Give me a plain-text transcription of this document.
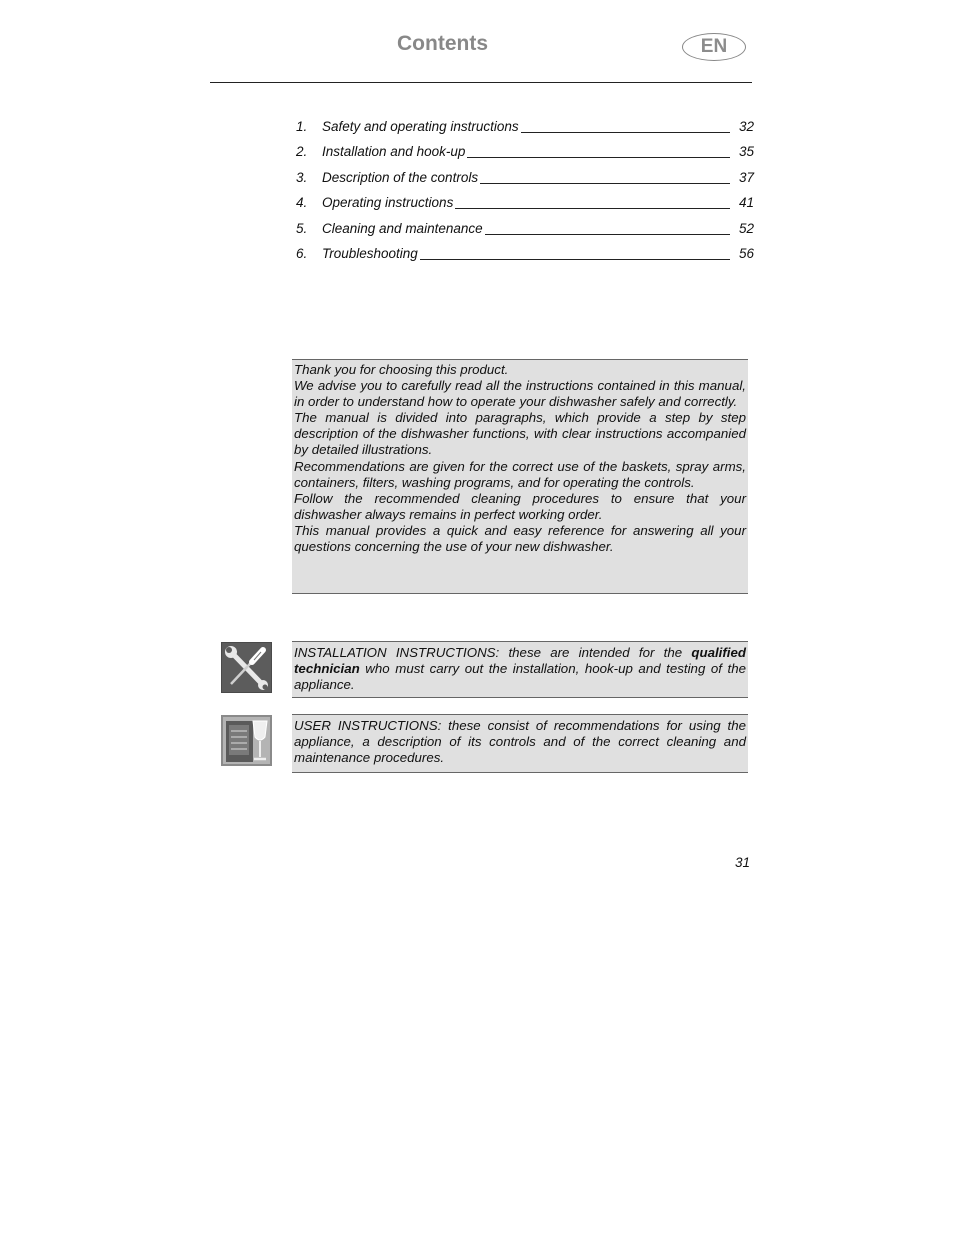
Contents	EN
1. Safety and operating instructions	32
2. Installation and hook-up	35
3. Description of the controls	37
4. Operating instructions	41
5. Cleaning and maintenance	52
6. Troubleshooting	56

Thank you for choosing this product.

We advise you to carefully read all the instructions contained in this manual, in order to understand how to operate your dishwasher safely and correctly.

The manual is divided into paragraphs, which provide a step by step description of the dishwasher functions, with clear instructions accompanied by detailed illustrations.

Recommendations are given for the correct use of the baskets, spray arms, containers, filters, washing programs, and for operating the controls.

Follow the recommended cleaning procedures to ensure that your dishwasher always remains in perfect working order.

This manual provides a quick and easy reference for answering all your questions concerning the use of your new dishwasher.

INSTALLATION INSTRUCTIONS: these are intended for the qualified technician who must carry out the installation, hook-up and testing of the appliance.
USER INSTRUCTIONS: these consist of recommendations for using the appliance, a description of its controls and of the correct cleaning and maintenance procedures.
31
